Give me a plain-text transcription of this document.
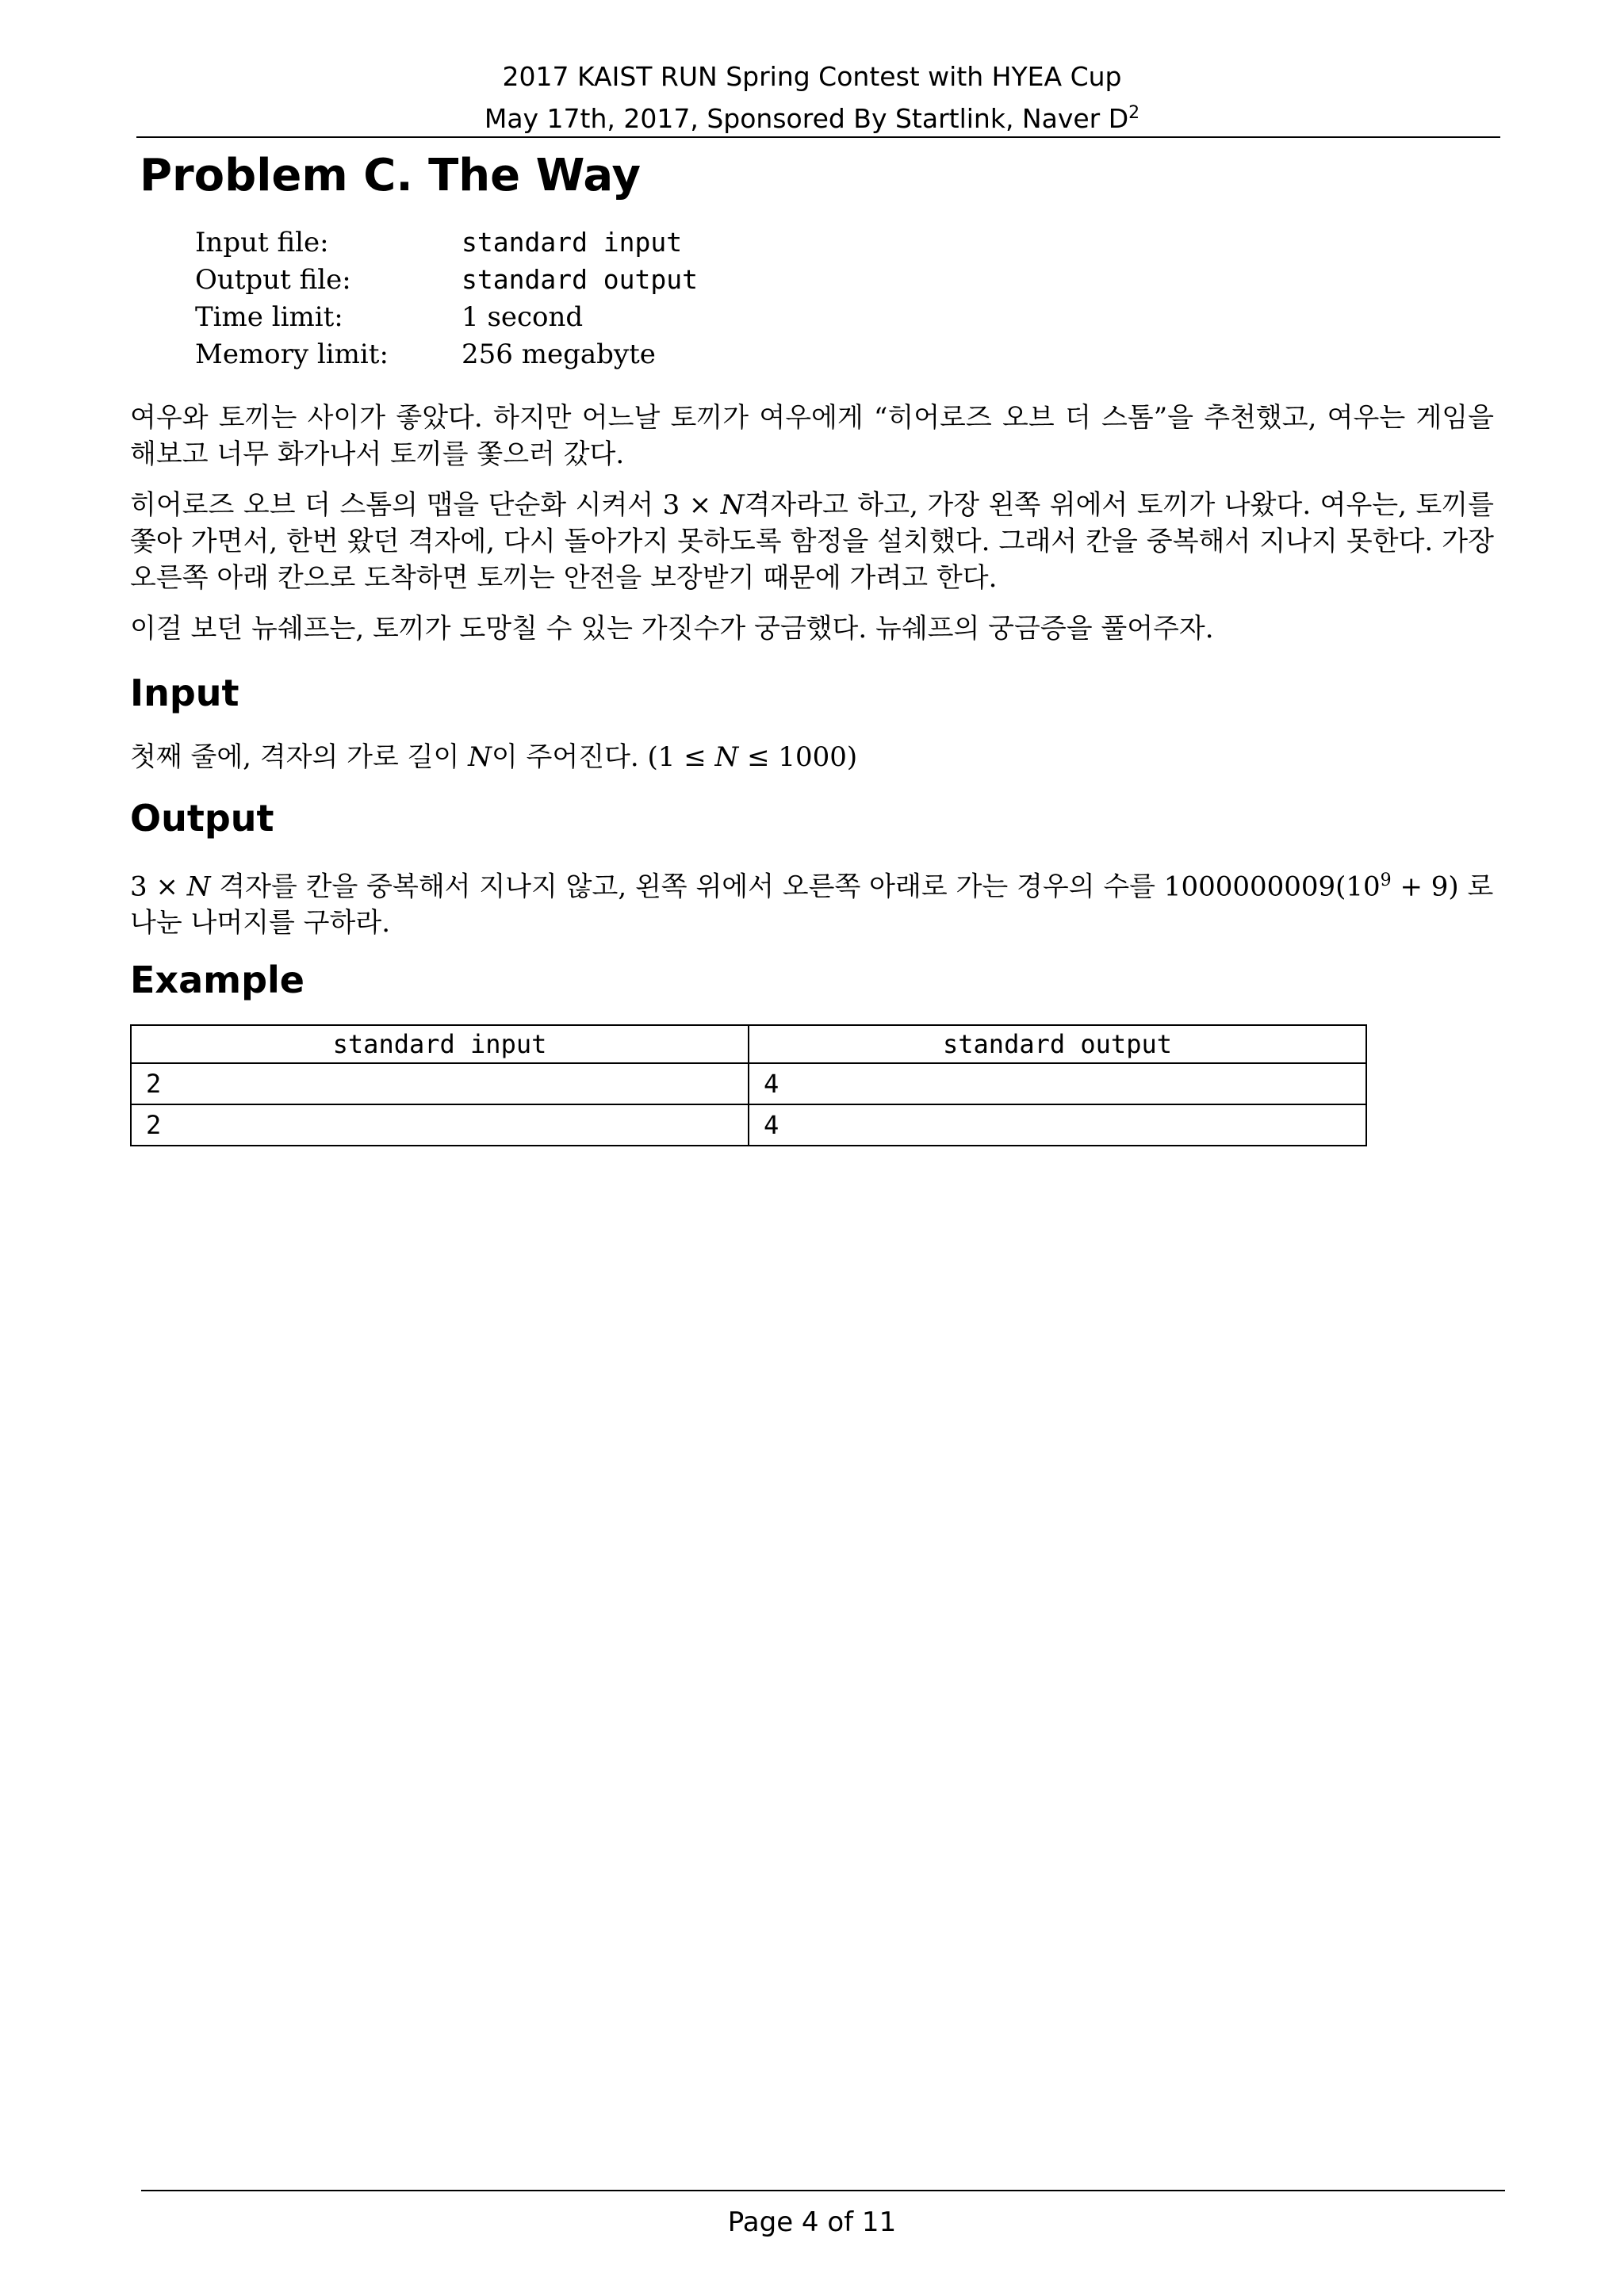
2017 KAIST RUN Spring Contest with HYEA Cup
May 17th, 2017, Sponsored By Startlink, Naver $D^2$
Problem C. The Way
Input file:	standard input
Output file:	standard output
Time limit:	1 second
Memory limit:	256 megabyte

여우와 토끼는 사이가 좋았다. 하지만 어느날 토끼가 여우에게 “히어로즈 오브 더 스톰”을 추천했고, 여우는 게임을 해보고 너무 화가나서 토끼를 쫓으러 갔다.

히어로즈 오브 더 스톰의 맵을 단순화 시켜서 3 × N격자라고 하고, 가장 왼쪽 위에서 토끼가 나왔다. 여우는, 토끼를 쫓아 가면서, 한번 왔던 격자에, 다시 돌아가지 못하도록 함정을 설치했다. 그래서 칸을 중복해서 지나지 못한다. 가장 오른쪽 아래 칸으로 도착하면 토끼는 안전을 보장받기 때문에 가려고 한다.

이걸 보던 뉴쉐프는, 토끼가 도망칠 수 있는 가짓수가 궁금했다. 뉴쉐프의 궁금증을 풀어주자.

Input
첫째 줄에, 격자의 가로 길이 N이 주어진다. (1 ≤ N ≤ 1000)
Output
3 × N 격자를 칸을 중복해서 지나지 않고, 왼쪽 위에서 오른쪽 아래로 가는 경우의 수를 $1000000009(10^9 + 9)$ 로 나눈 나머지를 구하라.
Example
standard input	standard output
2	4
2	4
Page 4 of 11
